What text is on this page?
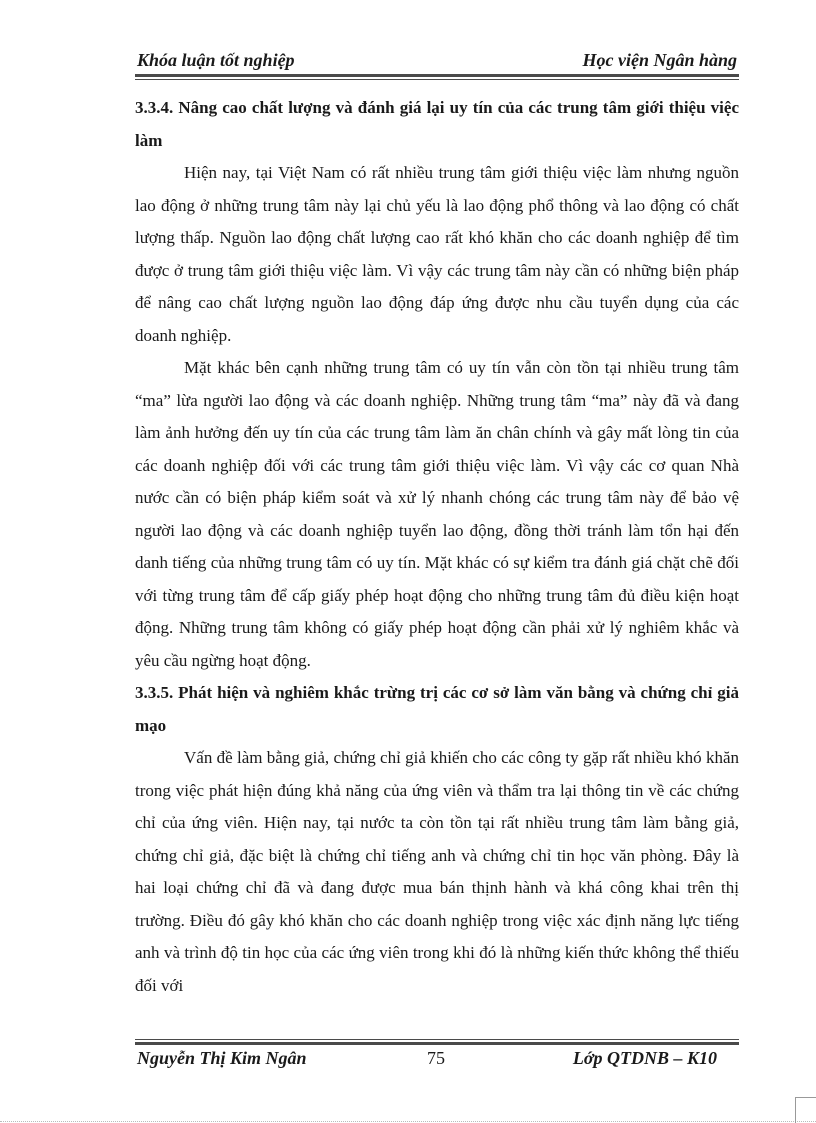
Khóa luận tốt nghiệp	Học viện Ngân hàng
3.3.4. Nâng cao chất lượng và đánh giá lại uy tín của các trung tâm giới thiệu việc làm

Hiện nay, tại Việt Nam có rất nhiều trung tâm giới thiệu việc làm nhưng nguồn lao động ở những trung tâm này lại chủ yếu là lao động phổ thông và lao động có chất lượng thấp. Nguồn lao động chất lượng cao rất khó khăn cho các doanh nghiệp để tìm được ở trung tâm giới thiệu việc làm. Vì vậy các trung tâm này cần có những biện pháp để nâng cao chất lượng nguồn lao động đáp ứng được nhu cầu tuyển dụng của các doanh nghiệp.

Mặt khác bên cạnh những trung tâm có uy tín vẫn còn tồn tại nhiều trung tâm “ma” lừa người lao động và các doanh nghiệp. Những trung tâm “ma” này đã và đang làm ảnh hưởng đến uy tín của các trung tâm làm ăn chân chính và gây mất lòng tin của các doanh nghiệp đối với các trung tâm giới thiệu việc làm. Vì vậy các cơ quan Nhà nước cần có biện pháp kiểm soát và xử lý nhanh chóng các trung tâm này để bảo vệ người lao động và các doanh nghiệp tuyển lao động, đồng thời tránh làm tổn hại đến danh tiếng của những trung tâm có uy tín. Mặt khác có sự kiểm tra đánh giá chặt chẽ đối với từng trung tâm để cấp giấy phép hoạt động cho những trung tâm đủ điều kiện hoạt động. Những trung tâm không có giấy phép hoạt động cần phải xử lý nghiêm khắc và yêu cầu ngừng hoạt động.

3.3.5. Phát hiện và nghiêm khắc trừng trị các cơ sở làm văn bằng và chứng chỉ giả mạo

Vấn đề làm bằng giả, chứng chỉ giả khiến cho các công ty gặp rất nhiều khó khăn trong việc phát hiện đúng khả năng của ứng viên và thẩm tra lại thông tin về các chứng chỉ của ứng viên. Hiện nay, tại nước ta còn tồn tại rất nhiều trung tâm làm bằng giả, chứng chỉ giả, đặc biệt là chứng chỉ tiếng anh và chứng chỉ tin học văn phòng. Đây là hai loại chứng chỉ đã và đang được mua bán thịnh hành và khá công khai trên thị trường. Điều đó gây khó khăn cho các doanh nghiệp trong việc xác định năng lực tiếng anh và trình độ tin học của các ứng viên trong khi đó là những kiến thức không thể thiếu đối với

Nguyễn Thị Kim Ngân	75	Lớp QTDNB – K10
